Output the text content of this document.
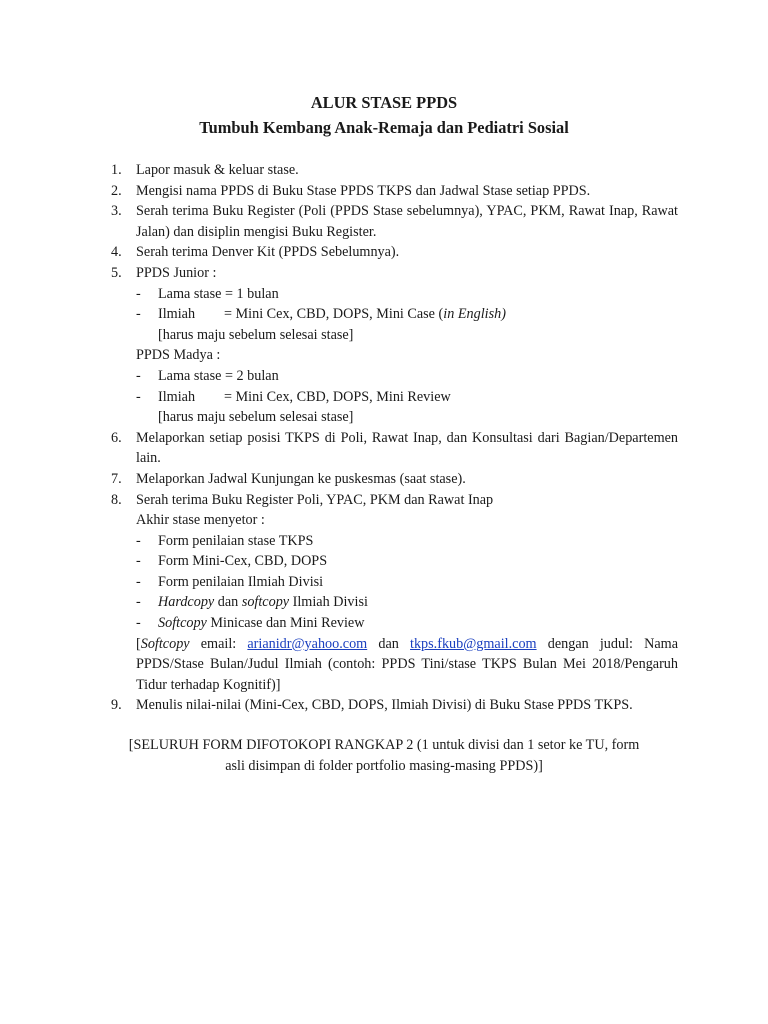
ALUR STASE PPDS
Tumbuh Kembang Anak-Remaja dan Pediatri Sosial
1. Lapor masuk & keluar stase.
2. Mengisi nama PPDS di Buku Stase PPDS TKPS dan Jadwal Stase setiap PPDS.
3. Serah terima Buku Register (Poli (PPDS Stase sebelumnya), YPAC, PKM, Rawat Inap, Rawat Jalan) dan disiplin mengisi Buku Register.
4. Serah terima Denver Kit (PPDS Sebelumnya).
5. PPDS Junior :
- Lama stase = 1 bulan
- Ilmiah = Mini Cex, CBD, DOPS, Mini Case (in English)
[harus maju sebelum selesai stase]
PPDS Madya :
- Lama stase = 2 bulan
- Ilmiah = Mini Cex, CBD, DOPS, Mini Review
[harus maju sebelum selesai stase]
6. Melaporkan setiap posisi TKPS di Poli, Rawat Inap, dan Konsultasi dari Bagian/Departemen lain.
7. Melaporkan Jadwal Kunjungan ke puskesmas (saat stase).
8. Serah terima Buku Register Poli, YPAC, PKM dan Rawat Inap
Akhir stase menyetor :
- Form penilaian stase TKPS
- Form Mini-Cex, CBD, DOPS
- Form penilaian Ilmiah Divisi
- Hardcopy dan softcopy Ilmiah Divisi
- Softcopy Minicase dan Mini Review
[Softcopy email: arianidr@yahoo.com dan tkps.fkub@gmail.com dengan judul: Nama PPDS/Stase Bulan/Judul Ilmiah (contoh: PPDS Tini/stase TKPS Bulan Mei 2018/Pengaruh Tidur terhadap Kognitif)]
9. Menulis nilai-nilai (Mini-Cex, CBD, DOPS, Ilmiah Divisi) di Buku Stase PPDS TKPS.
[SELURUH FORM DIFOTOKOPI RANGKAP 2 (1 untuk divisi dan 1 setor ke TU, form
asli disimpan di folder portfolio masing-masing PPDS)]
